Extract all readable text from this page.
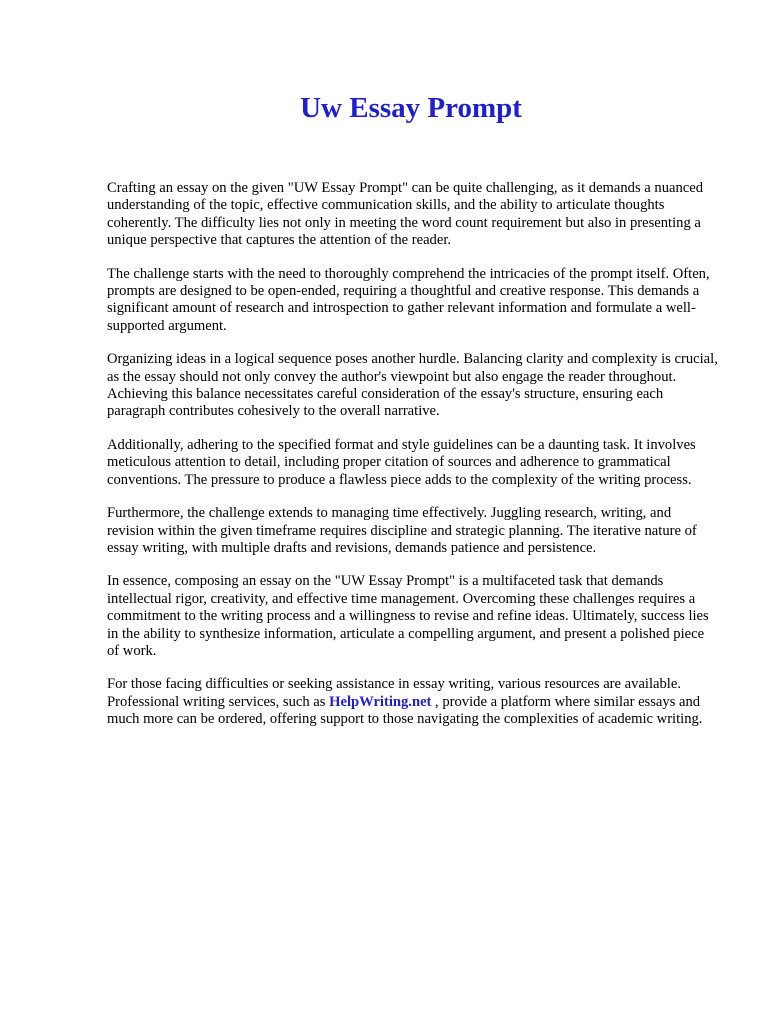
Uw Essay Prompt

Crafting an essay on the given "UW Essay Prompt" can be quite challenging, as it demands a nuanced understanding of the topic, effective communication skills, and the ability to articulate thoughts coherently. The difficulty lies not only in meeting the word count requirement but also in presenting a unique perspective that captures the attention of the reader.

The challenge starts with the need to thoroughly comprehend the intricacies of the prompt itself. Often, prompts are designed to be open-ended, requiring a thoughtful and creative response. This demands a significant amount of research and introspection to gather relevant information and formulate a well-supported argument.

Organizing ideas in a logical sequence poses another hurdle. Balancing clarity and complexity is crucial, as the essay should not only convey the author's viewpoint but also engage the reader throughout. Achieving this balance necessitates careful consideration of the essay's structure, ensuring each paragraph contributes cohesively to the overall narrative.

Additionally, adhering to the specified format and style guidelines can be a daunting task. It involves meticulous attention to detail, including proper citation of sources and adherence to grammatical conventions. The pressure to produce a flawless piece adds to the complexity of the writing process.

Furthermore, the challenge extends to managing time effectively. Juggling research, writing, and revision within the given timeframe requires discipline and strategic planning. The iterative nature of essay writing, with multiple drafts and revisions, demands patience and persistence.

In essence, composing an essay on the "UW Essay Prompt" is a multifaceted task that demands intellectual rigor, creativity, and effective time management. Overcoming these challenges requires a commitment to the writing process and a willingness to revise and refine ideas. Ultimately, success lies in the ability to synthesize information, articulate a compelling argument, and present a polished piece of work.

For those facing difficulties or seeking assistance in essay writing, various resources are available. Professional writing services, such as HelpWriting.net , provide a platform where similar essays and much more can be ordered, offering support to those navigating the complexities of academic writing.
